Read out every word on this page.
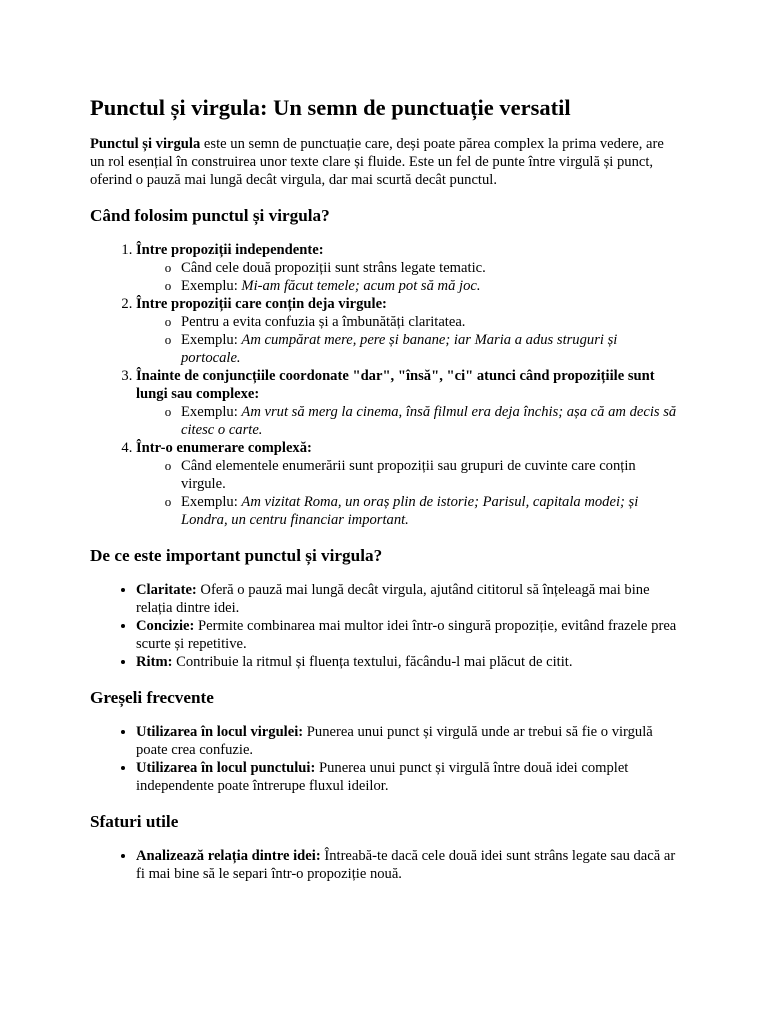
Punctul și virgula: Un semn de punctuație versatil

Punctul și virgula este un semn de punctuație care, deși poate părea complex la prima vedere, are un rol esențial în construirea unor texte clare și fluide. Este un fel de punte între virgulă și punct, oferind o pauză mai lungă decât virgula, dar mai scurtă decât punctul.

Când folosim punctul și virgula?
1. Între propoziții independente:
◦ Când cele două propoziții sunt strâns legate tematic.
◦ Exemplu: Mi-am făcut temele; acum pot să mă joc.
2. Între propoziții care conțin deja virgule:
◦ Pentru a evita confuzia și a îmbunătăți claritatea.
◦ Exemplu: Am cumpărat mere, pere și banane; iar Maria a adus struguri și portocale.
3. Înainte de conjuncțiile coordonate "dar", "însă", "ci" atunci când propozițiile sunt lungi sau complexe:
◦ Exemplu: Am vrut să merg la cinema, însă filmul era deja închis; așa că am decis să citesc o carte.
4. Într-o enumerare complexă:
◦ Când elementele enumerării sunt propoziții sau grupuri de cuvinte care conțin virgule.
◦ Exemplu: Am vizitat Roma, un oraș plin de istorie; Parisul, capitala modei; și Londra, un centru financiar important.
De ce este important punctul și virgula?
• Claritate: Oferă o pauză mai lungă decât virgula, ajutând cititorul să înțeleagă mai bine relația dintre idei.
• Concizie: Permite combinarea mai multor idei într-o singură propoziție, evitând frazele prea scurte și repetitive.
• Ritm: Contribuie la ritmul și fluența textului, făcându-l mai plăcut de citit.
Greșeli frecvente
• Utilizarea în locul virgulei: Punerea unui punct și virgulă unde ar trebui să fie o virgulă poate crea confuzie.
• Utilizarea în locul punctului: Punerea unui punct și virgulă între două idei complet independente poate întrerupe fluxul ideilor.
Sfaturi utile
• Analizează relația dintre idei: Întreabă-te dacă cele două idei sunt strâns legate sau dacă ar fi mai bine să le separi într-o propoziție nouă.
